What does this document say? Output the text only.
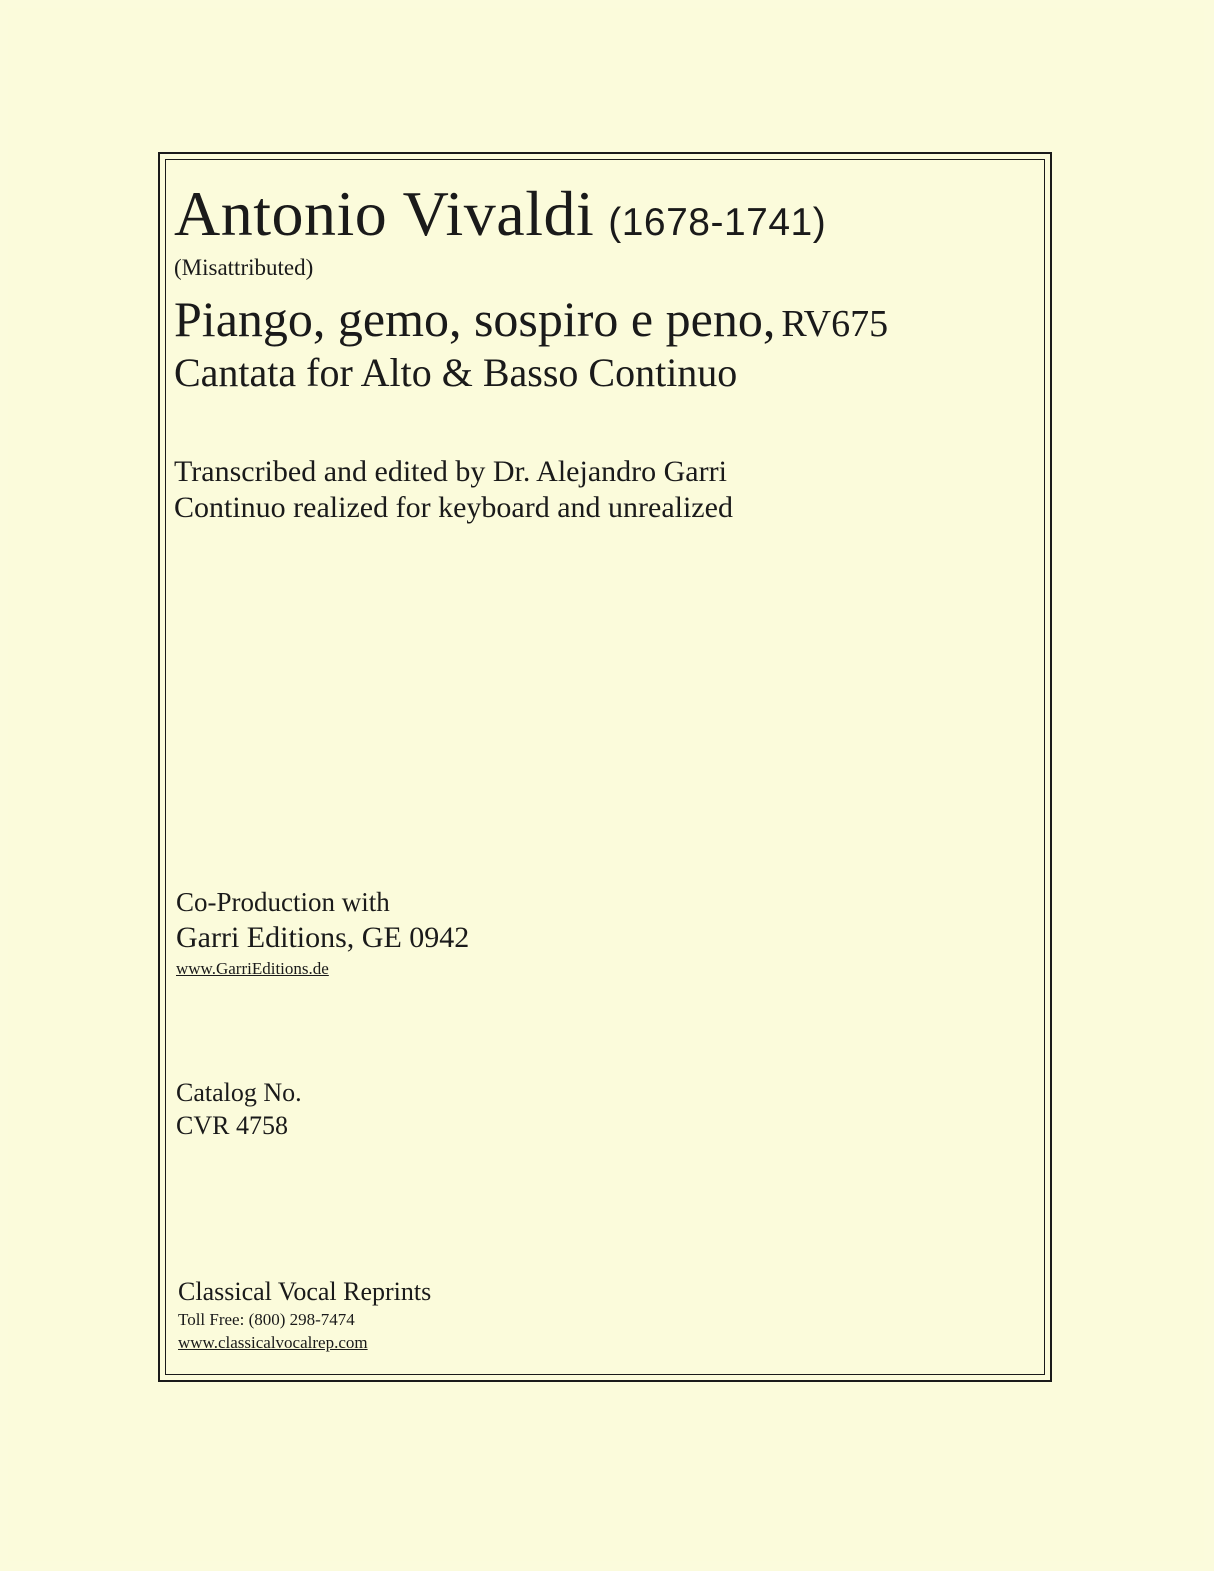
Antonio Vivaldi (1678-1741)
(Misattributed)
Piango, gemo, sospiro e peno, RV675
Cantata for Alto & Basso Continuo
Transcribed and edited by Dr. Alejandro Garri
Continuo realized for keyboard and unrealized
Co-Production with
Garri Editions, GE 0942
www.GarriEditions.de
Catalog No.
CVR 4758
Classical Vocal Reprints
Toll Free: (800) 298-7474
www.classicalvocalrep.com
